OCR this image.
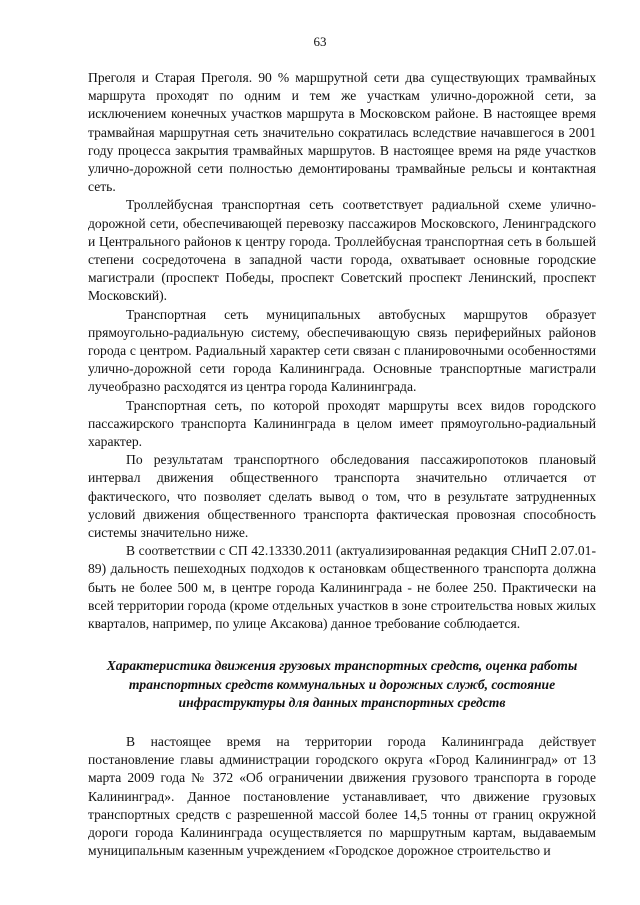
63

Преголя и Старая Преголя. 90 % маршрутной сети два существующих трамвайных маршрута проходят по одним и тем же участкам улично-дорожной сети, за исключением конечных участков маршрута в Московском районе. В настоящее время трамвайная маршрутная сеть значительно сократилась вследствие начавшегося в 2001 году процесса закрытия трамвайных маршрутов. В настоящее время на ряде участков улично-дорожной сети полностью демонтированы трамвайные рельсы и контактная сеть.

Троллейбусная транспортная сеть соответствует радиальной схеме улично-дорожной сети, обеспечивающей перевозку пассажиров Московского, Ленинградского и Центрального районов к центру города. Троллейбусная транспортная сеть в большей степени сосредоточена в западной части города, охватывает основные городские магистрали (проспект Победы, проспект Советский проспект Ленинский, проспект Московский).

Транспортная сеть муниципальных автобусных маршрутов образует прямоугольно-радиальную систему, обеспечивающую связь периферийных районов города с центром. Радиальный характер сети связан с планировочными особенностями улично-дорожной сети города Калининграда. Основные транспортные магистрали лучеобразно расходятся из центра города Калининграда.

Транспортная сеть, по которой проходят маршруты всех видов городского пассажирского транспорта Калининграда в целом имеет прямоугольно-радиальный характер.

По результатам транспортного обследования пассажиропотоков плановый интервал движения общественного транспорта значительно отличается от фактического, что позволяет сделать вывод о том, что в результате затрудненных условий движения общественного транспорта фактическая провозная способность системы значительно ниже.

В соответствии с СП 42.13330.2011 (актуализированная редакция СНиП 2.07.01-89) дальность пешеходных подходов к остановкам общественного транспорта должна быть не более 500 м, в центре города Калининграда - не более 250. Практически на всей территории города (кроме отдельных участков в зоне строительства новых жилых кварталов, например, по улице Аксакова) данное требование соблюдается.

Характеристика движения грузовых транспортных средств, оценка работы транспортных средств коммунальных и дорожных служб, состояние инфраструктуры для данных транспортных средств

В настоящее время на территории города Калининграда действует постановление главы администрации городского округа «Город Калининград» от 13 марта 2009 года № 372 «Об ограничении движения грузового транспорта в городе Калининград». Данное постановление устанавливает, что движение грузовых транспортных средств с разрешенной массой более 14,5 тонны от границ окружной дороги города Калининграда осуществляется по маршрутным картам, выдаваемым муниципальным казенным учреждением «Городское дорожное строительство и
